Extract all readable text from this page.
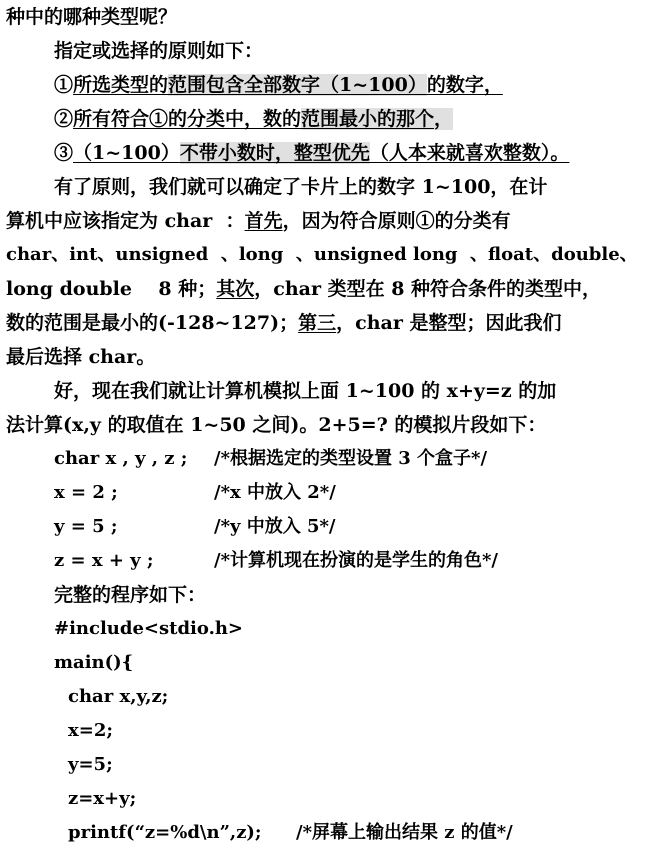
种中的哪种类型呢？
指定或选择的原则如下：
①所选类型的范围包含全部数字（1~100）的数字，
②所有符合①的分类中，数的范围最小的那个，
③（1~100）不带小数时，整型优先（人本来就喜欢整数）。
有了原则，我们就可以确定了卡片上的数字 1~100，在计
算机中应该指定为 char  ：首先，因为符合原则①的分类有
char、int、unsigned  、long  、unsigned long  、float、double、
long double    8 种；其次，char 类型在 8 种符合条件的类型中，
数的范围是最小的(-128~127)；第三，char 是整型；因此我们
最后选择 char。
好，现在我们就让计算机模拟上面 1~100 的 x+y=z 的加
法计算(x,y 的取值在 1~50 之间)。2+5=? 的模拟片段如下：
char x , y , z ; /*根据选定的类型设置 3 个盒子*/
x = 2 ;	/*x 中放入 2*/
y = 5 ;	/*y 中放入 5*/
z = x + y ;	/*计算机现在扮演的是学生的角色*/
完整的程序如下：
#include<stdio.h>
main(){
char x,y,z;
x=2;
y=5;
z=x+y;
printf(“z=%d\n”,z); /*屏幕上输出结果 z 的值*/
